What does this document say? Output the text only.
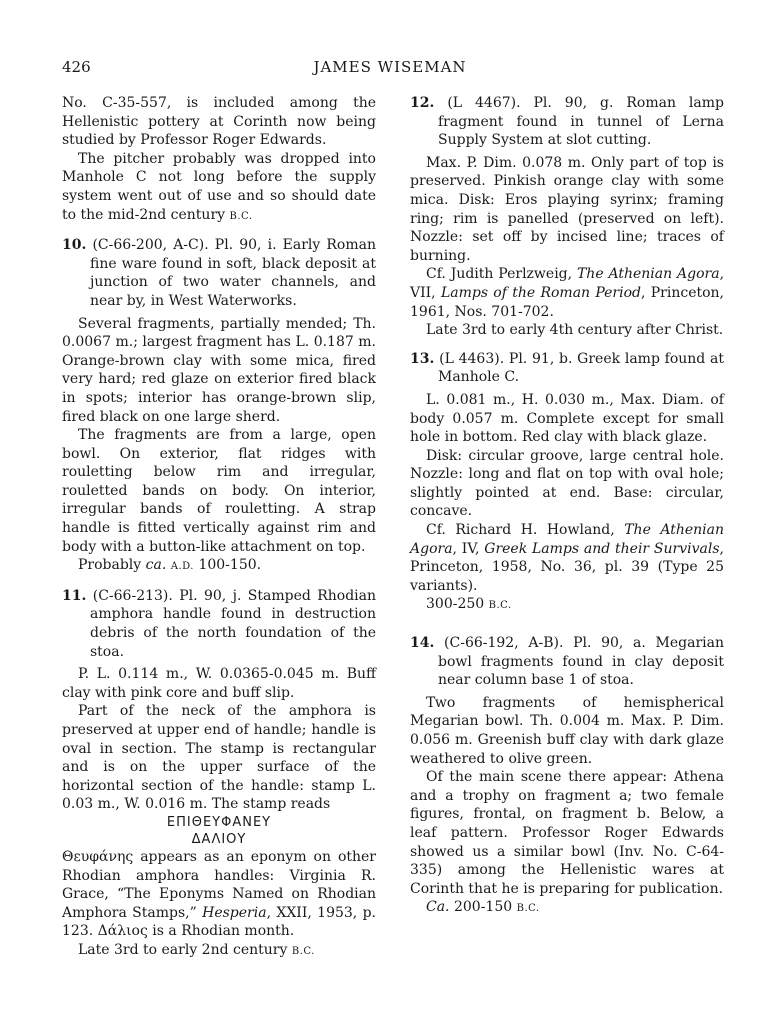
426	JAMES WISEMAN

No. C-35-557, is included among the Hellenistic pottery at Corinth now being studied by Professor Roger Edwards.

The pitcher probably was dropped into Manhole C not long before the supply system went out of use and so should date to the mid-2nd century B.C.

10. (C-66-200, A-C). Pl. 90, i. Early Roman fine ware found in soft, black deposit at junction of two water channels, and near by, in West Waterworks.

Several fragments, partially mended; Th. 0.0067 m.; largest fragment has L. 0.187 m. Orange-brown clay with some mica, fired very hard; red glaze on exterior fired black in spots; interior has orange-brown slip, fired black on one large sherd.

The fragments are from a large, open bowl. On exterior, flat ridges with rouletting below rim and irregular, rouletted bands on body. On interior, irregular bands of rouletting. A strap handle is fitted vertically against rim and body with a button-like attachment on top.

Probably ca. A.D. 100-150.

11. (C-66-213). Pl. 90, j. Stamped Rhodian amphora handle found in destruction debris of the north foundation of the stoa.

P. L. 0.114 m., W. 0.0365-0.045 m. Buff clay with pink core and buff slip.

Part of the neck of the amphora is preserved at upper end of handle; handle is oval in section. The stamp is rectangular and is on the upper surface of the horizontal section of the handle: stamp L. 0.03 m., W. 0.016 m. The stamp reads

ΕΠΙΘΕΥΦΑΝΕΥ
ΔΑΛΙΟΥ

Θευφάνης appears as an eponym on other Rhodian amphora handles: Virginia R. Grace, “The Eponyms Named on Rhodian Amphora Stamps,” Hesperia, XXII, 1953, p. 123. Δάλιος is a Rhodian month.

Late 3rd to early 2nd century B.C.

12. (L 4467). Pl. 90, g. Roman lamp fragment found in tunnel of Lerna Supply System at slot cutting.

Max. P. Dim. 0.078 m. Only part of top is preserved. Pinkish orange clay with some mica. Disk: Eros playing syrinx; framing ring; rim is panelled (preserved on left). Nozzle: set off by incised line; traces of burning.

Cf. Judith Perlzweig, The Athenian Agora, VII, Lamps of the Roman Period, Princeton, 1961, Nos. 701-702.

Late 3rd to early 4th century after Christ.

13. (L 4463). Pl. 91, b. Greek lamp found at Manhole C.

L. 0.081 m., H. 0.030 m., Max. Diam. of body 0.057 m. Complete except for small hole in bottom. Red clay with black glaze.

Disk: circular groove, large central hole. Nozzle: long and flat on top with oval hole; slightly pointed at end. Base: circular, concave.

Cf. Richard H. Howland, The Athenian Agora, IV, Greek Lamps and their Survivals, Princeton, 1958, No. 36, pl. 39 (Type 25 variants).

300-250 B.C.

14. (C-66-192, A-B). Pl. 90, a. Megarian bowl fragments found in clay deposit near column base 1 of stoa.

Two fragments of hemispherical Megarian bowl. Th. 0.004 m. Max. P. Dim. 0.056 m. Greenish buff clay with dark glaze weathered to olive green.

Of the main scene there appear: Athena and a trophy on fragment a; two female figures, frontal, on fragment b. Below, a leaf pattern. Professor Roger Edwards showed us a similar bowl (Inv. No. C-64-335) among the Hellenistic wares at Corinth that he is preparing for publication.

Ca. 200-150 B.C.
